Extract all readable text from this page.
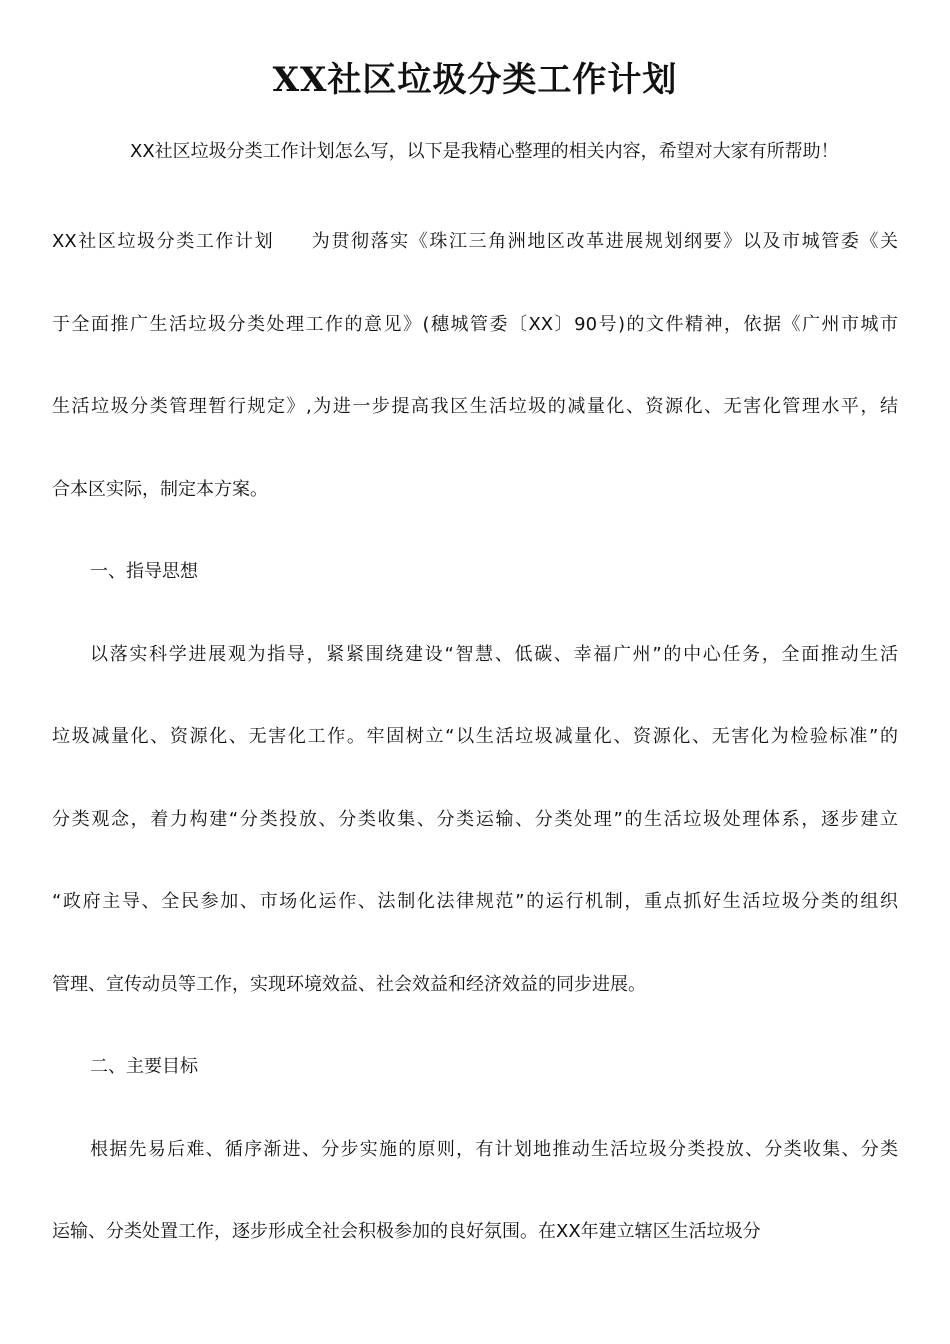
XX社区垃圾分类工作计划
XX社区垃圾分类工作计划怎么写，以下是我精心整理的相关内容，希望对大家有所帮助！
XX社区垃圾分类工作计划 为贯彻落实《珠江三角洲地区改革进展规划纲要》以及市城管委《关
于全面推广生活垃圾分类处理工作的意见》(穗城管委〔XX〕90号)的文件精神，依据《广州市城市
生活垃圾分类管理暂行规定》,为进一步提高我区生活垃圾的减量化、资源化、无害化管理水平，结
合本区实际，制定本方案。
一、指导思想
以落实科学进展观为指导，紧紧围绕建设“智慧、低碳、幸福广州”的中心任务，全面推动生活
垃圾减量化、资源化、无害化工作。牢固树立“以生活垃圾减量化、资源化、无害化为检验标准”的
分类观念，着力构建“分类投放、分类收集、分类运输、分类处理”的生活垃圾处理体系，逐步建立
“政府主导、全民参加、市场化运作、法制化法律规范”的运行机制，重点抓好生活垃圾分类的组织
管理、宣传动员等工作，实现环境效益、社会效益和经济效益的同步进展。
二、主要目标
根据先易后难、循序渐进、分步实施的原则，有计划地推动生活垃圾分类投放、分类收集、分类
运输、分类处置工作，逐步形成全社会积极参加的良好氛围。在XX年建立辖区生活垃圾分
